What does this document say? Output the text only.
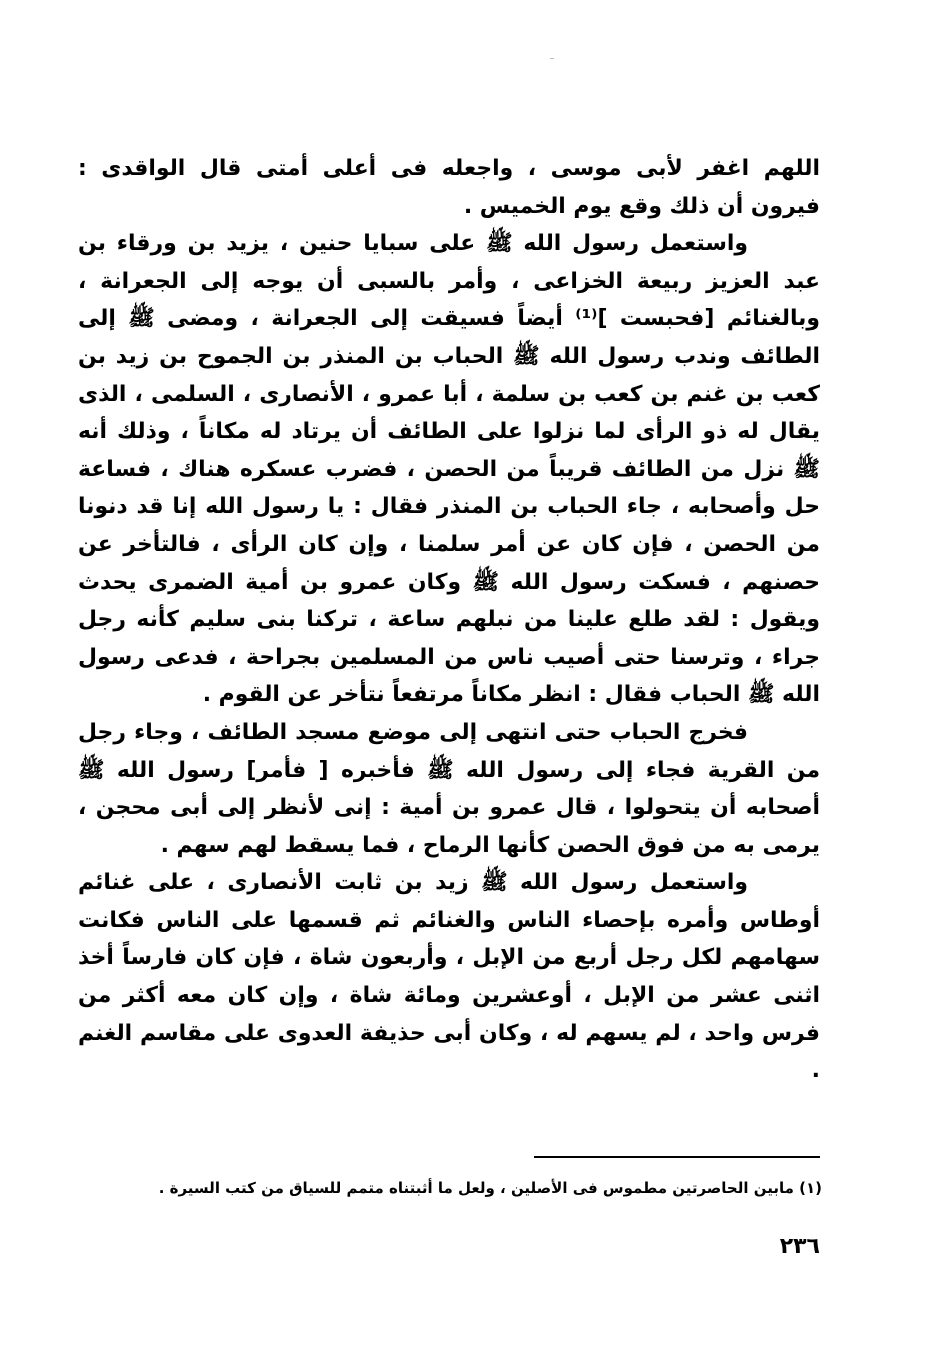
اللهم اغفر لأبى موسى ، واجعله فى أعلى أمتى قال الواقدى : فيرون أن ذلك وقع يوم الخميس .

واستعمل رسول الله ﷺ على سبايا حنين ، يزيد بن ورقاء بن عبد العزيز ربيعة الخزاعى ، وأمر بالسبى أن يوجه إلى الجعرانة ، وبالغنائم [فحبست ]⁽¹⁾ أيضاً فسيقت إلى الجعرانة ، ومضى ﷺ إلى الطائف وندب رسول الله ﷺ الحباب بن المنذر بن الجموح بن زيد بن كعب بن غنم بن كعب بن سلمة ، أبا عمرو ، الأنصارى ، السلمى ، الذى يقال له ذو الرأى لما نزلوا على الطائف أن يرتاد له مكاناً ، وذلك أنه ﷺ نزل من الطائف قريباً من الحصن ، فضرب عسكره هناك ، فساعة حل وأصحابه ، جاء الحباب بن المنذر فقال : يا رسول الله إنا قد دنونا من الحصن ، فإن كان عن أمر سلمنا ، وإن كان الرأى ، فالتأخر عن حصنهم ، فسكت رسول الله ﷺ وكان عمرو بن أمية الضمرى يحدث ويقول : لقد طلع علينا من نبلهم ساعة ، تركنا بنى سليم كأنه رجل جراء ، وترسنا حتى أصيب ناس من المسلمين بجراحة ، فدعى رسول الله ﷺ الحباب فقال : انظر مكاناً مرتفعاً نتأخر عن القوم .

فخرج الحباب حتى انتهى إلى موضع مسجد الطائف ، وجاء رجل من القرية فجاء إلى رسول الله ﷺ فأخبره [ فأمر] رسول الله ﷺ أصحابه أن يتحولوا ، قال عمرو بن أمية : إنى لأنظر إلى أبى محجن ، يرمى به من فوق الحصن كأنها الرماح ، فما يسقط لهم سهم .

واستعمل رسول الله ﷺ زيد بن ثابت الأنصارى ، على غنائم أوطاس وأمره بإحصاء الناس والغنائم ثم قسمها على الناس فكانت سهامهم لكل رجل أربع من الإبل ، وأربعون شاة ، فإن كان فارساً أخذ اثنى عشر من الإبل ، أوعشرين ومائة شاة ، وإن كان معه أكثر من فرس واحد ، لم يسهم له ، وكان أبى حذيفة العدوى على مقاسم الغنم .

(١) مابين الحاصرتين مطموس فى الأصلين ، ولعل ما أثبتناه متمم للسياق من كتب السيرة .
٢٣٦
